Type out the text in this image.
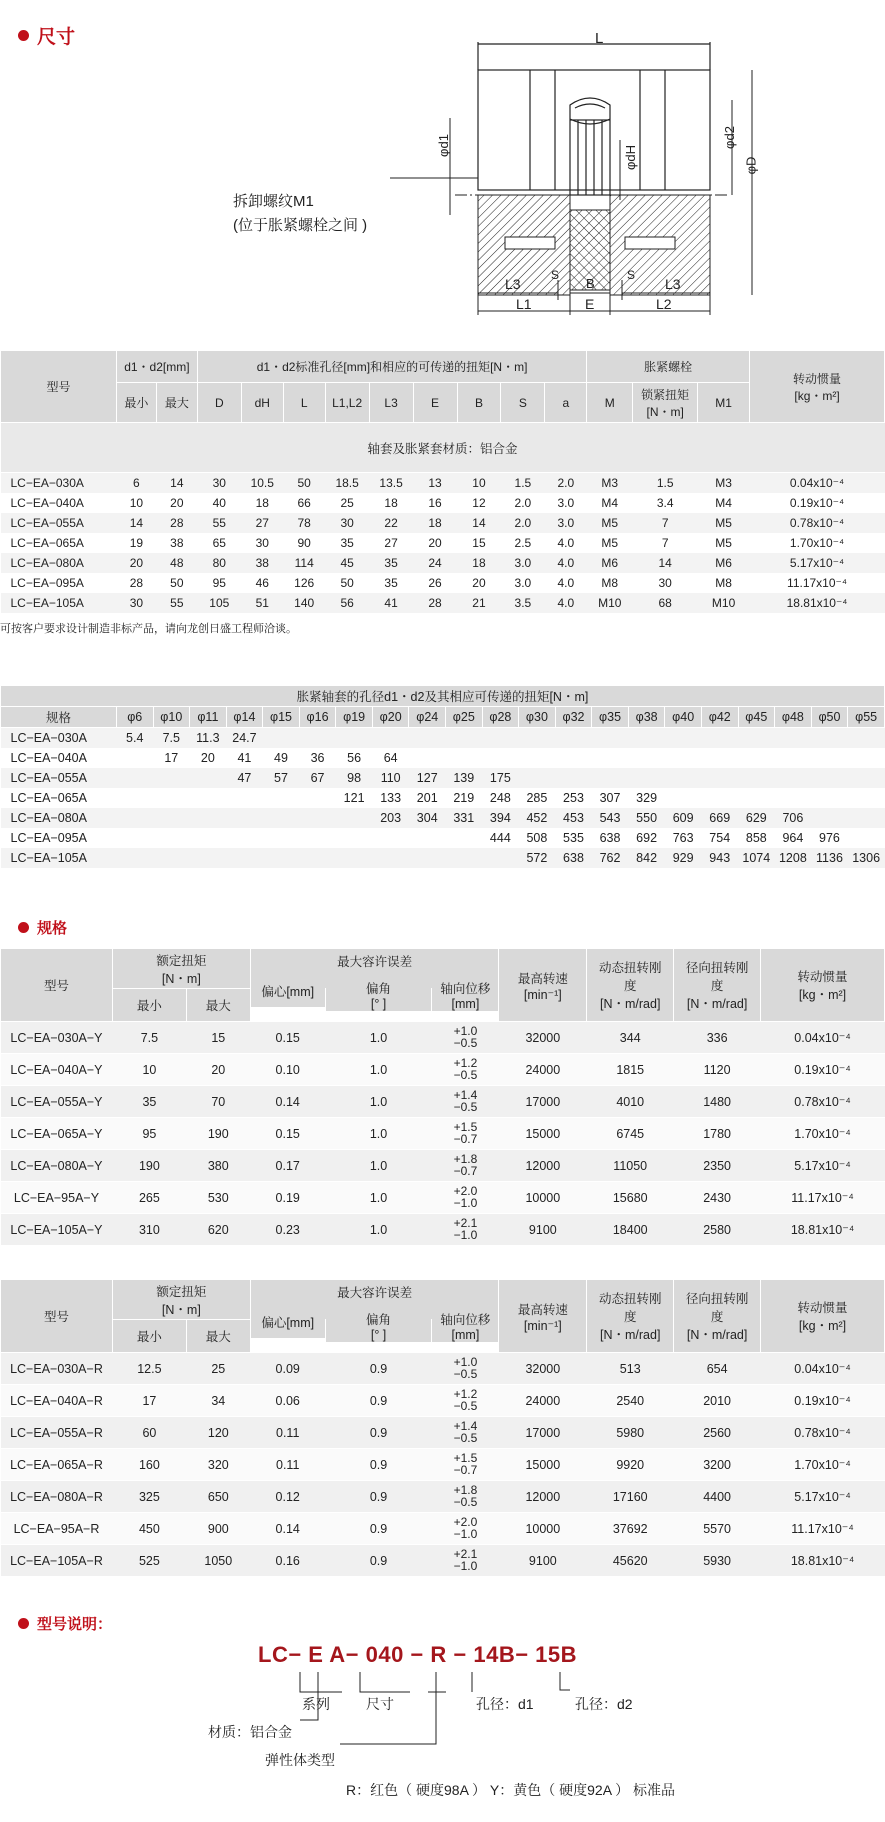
尺寸	L
φd1	φdH
φd2
φD
L3
S
B
S
L3
L1	E	L2
拆卸螺纹M1
(位于胀紧螺栓之间 )
型号	d1・d2[mm]		d1・d2标准孔径[mm]和相应的可传递的扭矩[N・m]									胀紧螺栓			转动惯量
[kg・m²]
	最小	最大	D	dH	L	L1,L2	L3	E	B	S	a	M	锁紧扭矩
[N・m]	M1	
轴套及胀紧套材质：铝合金															
LC−EA−030A	6	14	30	10.5	50	18.5	13.5	13	10	1.5	2.0	M3	1.5	M3	0.04x10⁻⁴
LC−EA−040A	10	20	40	18	66	25	18	16	12	2.0	3.0	M4	3.4	M4	0.19x10⁻⁴
LC−EA−055A	14	28	55	27	78	30	22	18	14	2.0	3.0	M5	7	M5	0.78x10⁻⁴
LC−EA−065A	19	38	65	30	90	35	27	20	15	2.5	4.0	M5	7	M5	1.70x10⁻⁴
LC−EA−080A	20	48	80	38	114	45	35	24	18	3.0	4.0	M6	14	M6	5.17x10⁻⁴
LC−EA−095A	28	50	95	46	126	50	35	26	20	3.0	4.0	M8	30	M8	11.17x10⁻⁴
LC−EA−105A	30	55	105	51	140	56	41	28	21	3.5	4.0	M10	68	M10	18.81x10⁻⁴
可按客户要求设计制造非标产品，请向龙创日盛工程师洽谈。
胀紧轴套的孔径d1・d2及其相应可传递的扭矩[N・m]																					
规格	φ6	φ10	φ11	φ14	φ15	φ16	φ19	φ20	φ24	φ25	φ28	φ30	φ32	φ35	φ38	φ40	φ42	φ45	φ48	φ50	φ55
LC−EA−030A	5.4	7.5	11.3	24.7																	
LC−EA−040A		17	20	41	49	36	56	64													
LC−EA−055A				47	57	67	98	110	127	139	175										
LC−EA−065A							121	133	201	219	248	285	253	307	329						
LC−EA−080A								203	304	331	394	452	453	543	550	609	669	629	706		
LC−EA−095A											444	508	535	638	692	763	754	858	964	976	
LC−EA−105A												572	638	762	842	929	943	1074	1208	1136	1306
规格
型号	额定扭矩
[N・m]		最大容许误差			最高转速
[min⁻¹]	动态扭转刚
度
[N・m/rad]	径向扭转刚
度
[N・m/rad]	转动惯量
[kg・m²]
	最小	最大	偏心[mm]	偏角
[° ]	轴向位移
[mm]				
LC−EA−030A−Y	7.5	15	0.15	1.0	+1.0
−0.5	32000	344	336	0.04x10⁻⁴
LC−EA−040A−Y	10	20	0.10	1.0	+1.2
−0.5	24000	1815	1120	0.19x10⁻⁴
LC−EA−055A−Y	35	70	0.14	1.0	+1.4
−0.5	17000	4010	1480	0.78x10⁻⁴
LC−EA−065A−Y	95	190	0.15	1.0	+1.5
−0.7	15000	6745	1780	1.70x10⁻⁴
LC−EA−080A−Y	190	380	0.17	1.0	+1.8
−0.7	12000	11050	2350	5.17x10⁻⁴
LC−EA−95A−Y	265	530	0.19	1.0	+2.0
−1.0	10000	15680	2430	11.17x10⁻⁴
LC−EA−105A−Y	310	620	0.23	1.0	+2.1
−1.0	9100	18400	2580	18.81x10⁻⁴
型号	额定扭矩
[N・m]		最大容许误差			最高转速
[min⁻¹]	动态扭转刚
度
[N・m/rad]	径向扭转刚
度
[N・m/rad]	转动惯量
[kg・m²]
	最小	最大	偏心[mm]	偏角
[° ]	轴向位移
[mm]				
LC−EA−030A−R	12.5	25	0.09	0.9	+1.0
−0.5	32000	513	654	0.04x10⁻⁴
LC−EA−040A−R	17	34	0.06	0.9	+1.2
−0.5	24000	2540	2010	0.19x10⁻⁴
LC−EA−055A−R	60	120	0.11	0.9	+1.4
−0.5	17000	5980	2560	0.78x10⁻⁴
LC−EA−065A−R	160	320	0.11	0.9	+1.5
−0.7	15000	9920	3200	1.70x10⁻⁴
LC−EA−080A−R	325	650	0.12	0.9	+1.8
−0.5	12000	17160	4400	5.17x10⁻⁴
LC−EA−95A−R	450	900	0.14	0.9	+2.0
−1.0	10000	37692	5570	11.17x10⁻⁴
LC−EA−105A−R	525	1050	0.16	0.9	+2.1
−1.0	9100	45620	5930	18.81x10⁻⁴
型号说明：
LC− E A− 040 − R − 14B− 15B
系列	尺寸
材质：铝合金
弹性体类型
孔径：d1	孔径：d2
R：红色（ 硬度98A ） Y：黄色（ 硬度92A ） 标准品
